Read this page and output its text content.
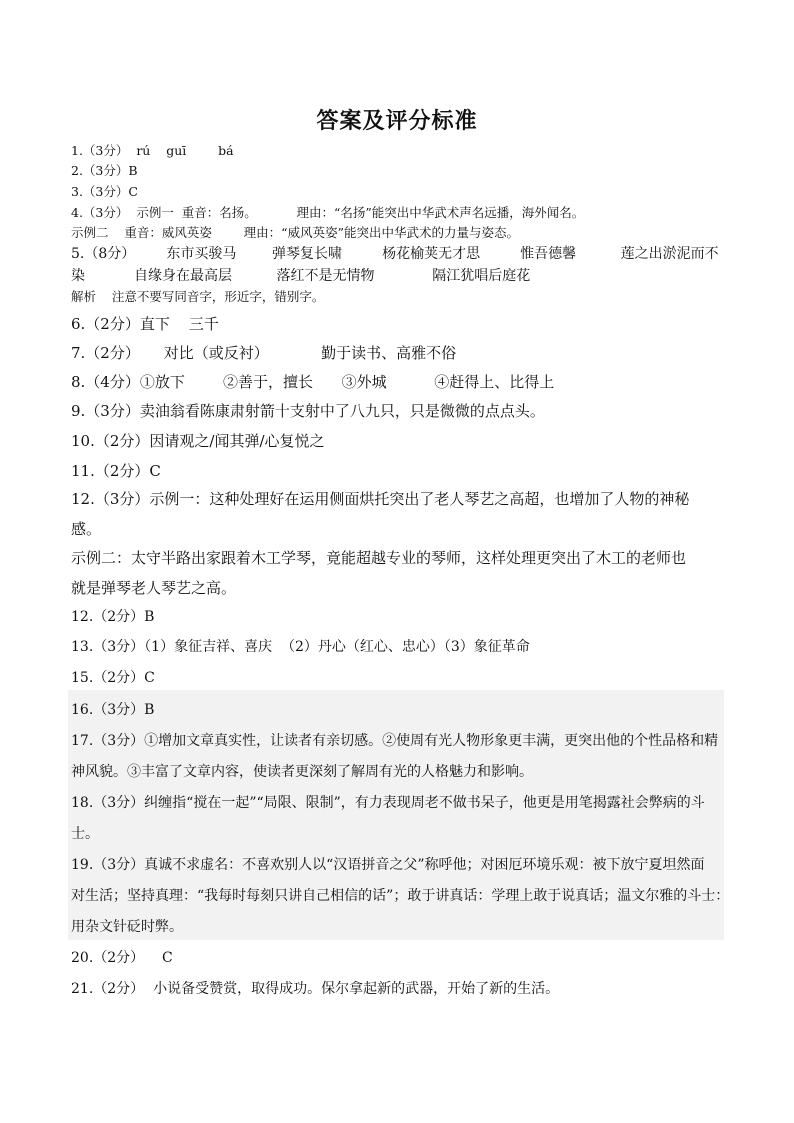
答案及评分标准
1.（3分）  rú    guī        bá
2.（3分）B
3.（3分）C
4.（3分）  示例一  重音：名扬。          理由：“名扬”能突出中华武术声名远播，海外闻名。
示例二    重音：威风英姿        理由：“威风英姿”能突出中华武术的力量与姿态。
5.（8分）       东市买骏马        弹琴复长啸         杨花榆荚无才思         惟吾德馨          莲之出淤泥而不
染           自缘身在最高层          落红不是无情物             隔江犹唱后庭花
解析    注意不要写同音字，形近字，错别字。
6.（2分）直下    三千
7.（2分）     对比（或反衬）           勤于读书、高雅不俗
8.（4分）①放下        ②善于，擅长      ③外城          ④赶得上、比得上
9.（3分）卖油翁看陈康肃射箭十支射中了八九只，只是微微的点点头。
10.（2分）因请观之/闻其弹/心复悦之
11.（2分）C
12.（3分）示例一：这种处理好在运用侧面烘托突出了老人琴艺之高超，也增加了人物的神秘
感。
示例二：太守半路出家跟着木工学琴，竟能超越专业的琴师，这样处理更突出了木工的老师也
就是弹琴老人琴艺之高。
12.（2分）B
13.（3分）（1）象征吉祥、喜庆  （2）丹心（红心、忠心）（3）象征革命
15.（2分）C
16.（3分）B
17.（3分）①增加文章真实性，让读者有亲切感。②使周有光人物形象更丰满，更突出他的个性品格和精
神风貌。③丰富了文章内容，使读者更深刻了解周有光的人格魅力和影响。
18.（3分）纠缠指“搅在一起”“局限、限制”，有力表现周老不做书呆子，他更是用笔揭露社会弊病的斗
士。
19.（3分）真诚不求虚名：不喜欢别人以“汉语拼音之父”称呼他；对困厄环境乐观：被下放宁夏坦然面
对生活；坚持真理：“我每时每刻只讲自己相信的话”；敢于讲真话：学理上敢于说真话；温文尔雅的斗士：
用杂文针砭时弊。
20.（2分）    C
21.（2分）  小说备受赞赏，取得成功。保尔拿起新的武器，开始了新的生活。
